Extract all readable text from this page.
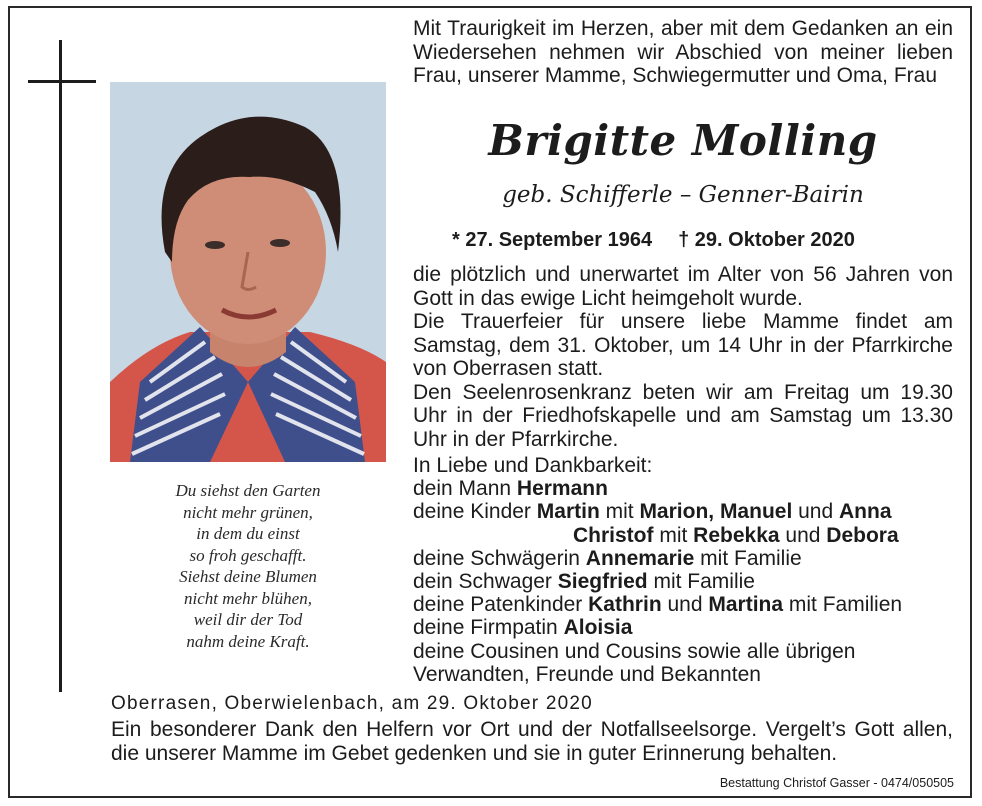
Du siehst den Garten
nicht mehr grünen,
in dem du einst
so froh geschafft.
Siehst deine Blumen
nicht mehr blühen,
weil dir der Tod
nahm deine Kraft.
Mit Traurigkeit im Herzen, aber mit dem Gedanken an ein Wiedersehen nehmen wir Abschied von meiner lieben Frau, unserer Mamme, Schwiegermutter und Oma, Frau
Brigitte Molling
geb. Schifferle – Genner-Bairin
* 27. September 1964 † 29. Oktober 2020

die plötzlich und unerwartet im Alter von 56 Jahren von Gott in das ewige Licht heimgeholt wurde.

Die Trauerfeier für unsere liebe Mamme findet am Samstag, dem 31. Oktober, um 14 Uhr in der Pfarrkirche von Oberrasen statt.

Den Seelenrosenkranz beten wir am Freitag um 19.30 Uhr in der Friedhofskapelle und am Samstag um 13.30 Uhr in der Pfarrkirche.

In Liebe und Dankbarkeit:
dein Mann Hermann
deine Kinder Martin mit Marion, Manuel und Anna
Christof mit Rebekka und Debora
deine Schwägerin Annemarie mit Familie
dein Schwager Siegfried mit Familie
deine Patenkinder Kathrin und Martina mit Familien
deine Firmpatin Aloisia
deine Cousinen und Cousins sowie alle übrigen
Verwandten, Freunde und Bekannten
Oberrasen, Oberwielenbach, am 29. Oktober 2020
Ein besonderer Dank den Helfern vor Ort und der Notfallseelsorge. Vergelt’s Gott allen, die unserer Mamme im Gebet gedenken und sie in guter Erinnerung behalten.
Bestattung Christof Gasser - 0474/050505
